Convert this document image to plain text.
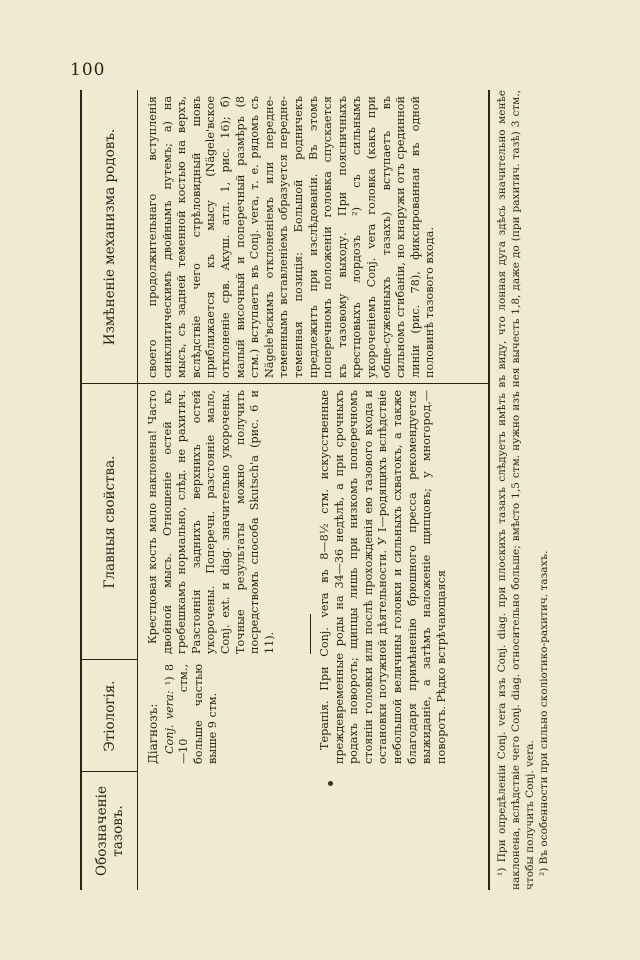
100
Обозначеніе тазовъ.
Этіологія.
Главныя свойства.
Измѣненіе механизма родовъ.
Діагнозъ: Conj. vera: ¹) 8—10 стм., больше частью выше 9 стм.
Крестцовая кость мало наклонена! Часто двойной мысъ. Отношеніе остей къ гребешкамъ нормально, слѣд. не рахитич. Разстоянія заднихъ верхнихъ остей укорочены. Поперечн. разстояніе мало, Conj. ext. и diag. значительно укорочены. Точные результаты можно получить посредствомъ способа Skutsch'a (рис. 6 и 11).
своего продолжительнаго вступленія синклитическимъ двойнымъ путемъ; а) на мысъ, съ задней теменной костью на верхъ, вслѣдствіе чего стрѣловидный шовъ приближается къ мысу (Nägele'вское отклоненіе срв. Акуш. атл. 1, рис. 16); б) малый височный и поперечный размѣръ (8 стм.) вступаетъ въ Conj. vera, т. е. рядомъ съ Nägele'вскимъ отклоненіемъ или передне-теменнымъ вставленіемъ образуется передне-теменная позиція: Большой родничекъ предлежитъ при изслѣдованіи. Въ этомъ поперечномъ положеніи головка спускается къ тазовому выходу. При поясничныхъ крестцовыхъ лордозъ ²) съ сильнымъ укороченіемъ Conj. vera головка (какъ при обще-суженныхъ тазахъ) вступаетъ въ сильномъ сгибаніи, но кнаружи отъ срединной линіи (рис. 78), фиксированная въ одной половинѣ тазового входа.
Терапія. При Conj. vera въ 8—8½ стм. искусственные преждевременные роды на 34—36 недѣлѣ, а при срочныхъ родахъ повороть; щипцы лишь при низкомъ поперечномъ стояніи головки или послѣ прохожденія ею тазового входа и остановки потужной дѣятельности. У I—родящихъ вслѣдствіе небольшой величины головки и сильныхъ схватокъ, а также благодаря примѣненію брюшного пресса рекомендуется выжиданіе, а затѣмъ наложеніе щипцовъ; у многород.—поворотъ. Рѣдко встрѣчающаяся	¹) При опредѣленіи Conj. vera изъ Conj. diag. при плоскихъ тазахъ слѣдуетъ имѣть въ виду, что лонная дуга здѣсь значительно менѣе наклонена, вслѣдствіе чего Conj. diag. относительно больше; вмѣсто 1,5 стм. нужно изъ нея вычесть 1,8, даже до (при рахитич. тазѣ) 3 стм., чтобы получить Conj. vera. ²) Въ особенности при сильно сколіотико-рахитич. тазахъ.
